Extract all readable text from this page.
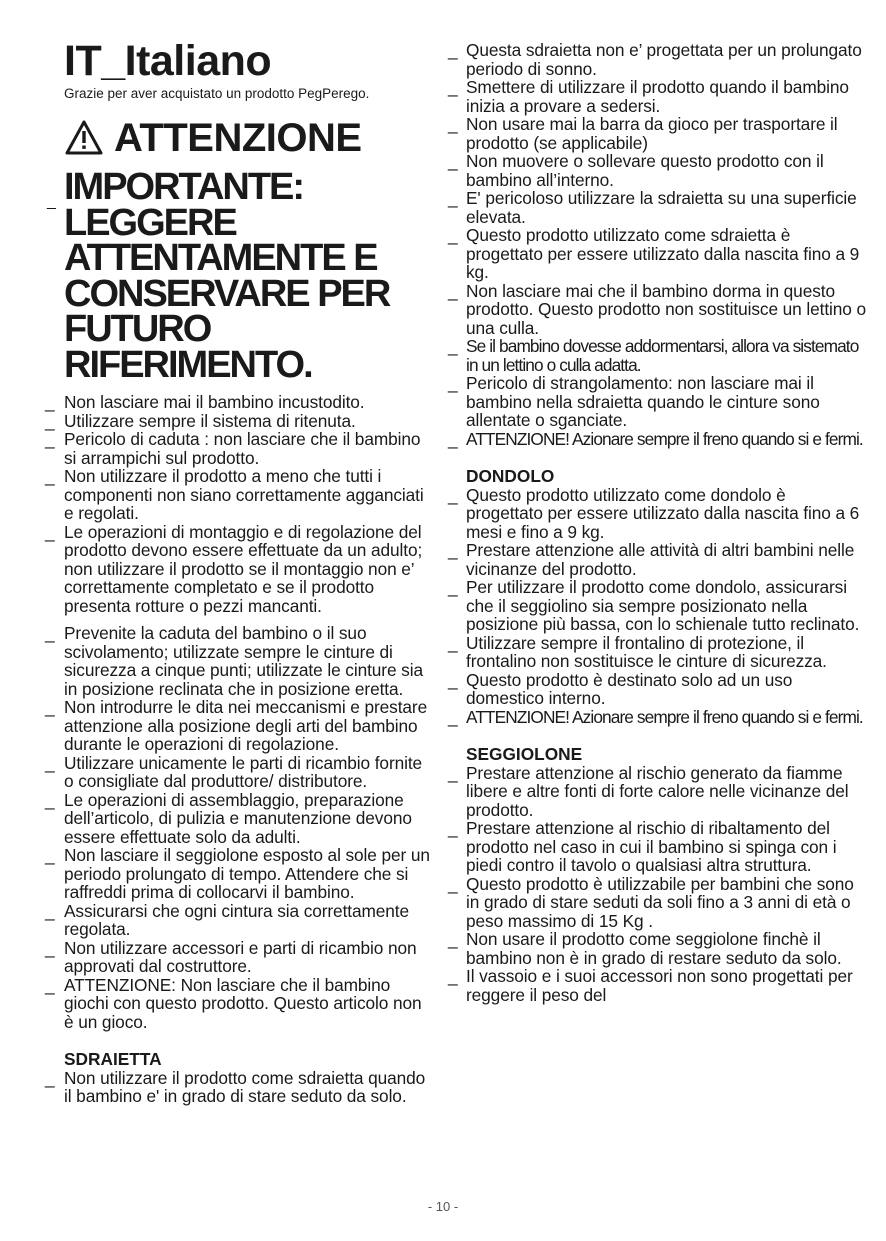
IT_Italiano

Grazie per aver acquistato un prodotto PegPerego.

ATTENZIONE
_ IMPORTANTE: LEGGERE ATTENTAMENTE E CONSERVARE PER FUTURO RIFERIMENTO.
_ Non lasciare mai il bambino incustodito.
_ Utilizzare sempre il sistema di ritenuta.
_ Pericolo di caduta : non lasciare che il bambino si arrampichi sul prodotto.
_ Non utilizzare il prodotto a meno che tutti i componenti non siano correttamente agganciati e regolati.
_ Le operazioni di montaggio e di regolazione del prodotto devono essere effettuate da un adulto; non utilizzare il prodotto se il montaggio non e’ correttamente completato e se il prodotto presenta rotture o pezzi mancanti.
_ Prevenite la caduta del bambino o il suo scivolamento; utilizzate sempre le cinture di sicurezza a cinque punti; utilizzate le cinture sia in posizione reclinata che in posizione eretta.
_ Non introdurre le dita nei meccanismi e prestare attenzione alla posizione degli arti del bambino durante le operazioni di regolazione.
_ Utilizzare unicamente le parti di ricambio fornite o consigliate dal produttore/ distributore.
_ Le operazioni di assemblaggio, preparazione dell’articolo, di pulizia e manutenzione devono essere effettuate solo da adulti.
_ Non lasciare il seggiolone esposto al sole per un periodo prolungato di tempo. Attendere che si raffreddi prima di collocarvi il bambino.
_ Assicurarsi che ogni cintura sia correttamente regolata.
_ Non utilizzare accessori e parti di ricambio non approvati dal costruttore.
_ ATTENZIONE: Non lasciare che il bambino giochi con questo prodotto. Questo articolo non è un gioco.
SDRAIETTA
_ Non utilizzare il prodotto come sdraietta quando il bambino e' in grado di stare seduto da solo.
_ Questa sdraietta non e’ progettata per un prolungato periodo di sonno.
_ Smettere di utilizzare il prodotto quando il bambino inizia a provare a sedersi.
_ Non usare mai la barra da gioco per trasportare il prodotto (se applicabile)
_ Non muovere o sollevare questo prodotto con il bambino all’interno.
_ E' pericoloso utilizzare la sdraietta su una superficie elevata.
_ Questo prodotto utilizzato come sdraietta è progettato per essere utilizzato dalla nascita fino a 9 kg.
_ Non lasciare mai che il bambino dorma in questo prodotto. Questo prodotto non sostituisce un lettino o una culla.
_ Se il bambino dovesse addormentarsi, allora va sistemato in un lettino o culla adatta.
_ Pericolo di strangolamento: non lasciare mai il bambino nella sdraietta quando le cinture sono allentate o sganciate.
_ ATTENZIONE! Azionare sempre il freno quando si e fermi.
DONDOLO
_ Questo prodotto utilizzato come dondolo è progettato per essere utilizzato dalla nascita fino a 6 mesi e fino a 9 kg.
_ Prestare attenzione alle attività di altri bambini nelle vicinanze del prodotto.
_ Per utilizzare il prodotto come dondolo, assicurarsi che il seggiolino sia sempre posizionato nella posizione più bassa, con lo schienale tutto reclinato.
_ Utilizzare sempre il frontalino di protezione, il frontalino non sostituisce le cinture di sicurezza.
_ Questo prodotto è destinato solo ad un uso domestico interno.
_ ATTENZIONE! Azionare sempre il freno quando si e fermi.
SEGGIOLONE
_ Prestare attenzione al rischio generato da fiamme libere e altre fonti di forte calore nelle vicinanze del prodotto.
_ Prestare attenzione al rischio di ribaltamento del prodotto nel caso in cui il bambino si spinga con i piedi contro il tavolo o qualsiasi altra struttura.
_ Questo prodotto è utilizzabile per bambini che sono in grado di stare seduti da soli fino a 3 anni di età o peso massimo di 15 Kg .
_ Non usare il prodotto come seggiolone finchè il bambino non è in grado di restare seduto da solo.
_ Il vassoio e i suoi accessori non sono progettati per reggere il peso del
- 10 -
